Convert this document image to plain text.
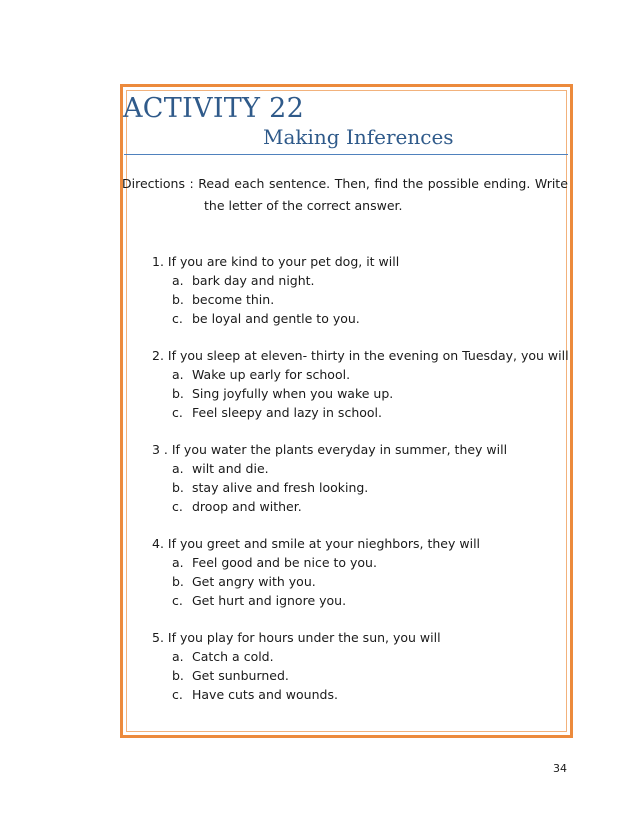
ACTIVITY 22
Making Inferences
Directions : Read each sentence. Then, find the possible ending. Write
the letter of the correct answer.
1. If you are kind to your pet dog, it will
a. bark day and night.
b. become thin.
c. be loyal and gentle to you.
2. If you sleep at eleven- thirty in the evening on Tuesday, you will
a. Wake up early for school.
b. Sing joyfully when you wake up.
c. Feel sleepy and lazy in school.
3 . If you water the plants everyday in summer, they will
a. wilt and die.
b. stay alive and fresh looking.
c. droop and wither.
4. If you greet and smile at your nieghbors, they will
a. Feel good and be nice to you.
b. Get angry with you.
c. Get hurt and ignore you.
5. If you play for hours under the sun, you will
a. Catch a cold.
b. Get sunburned.
c. Have cuts and wounds.
34
